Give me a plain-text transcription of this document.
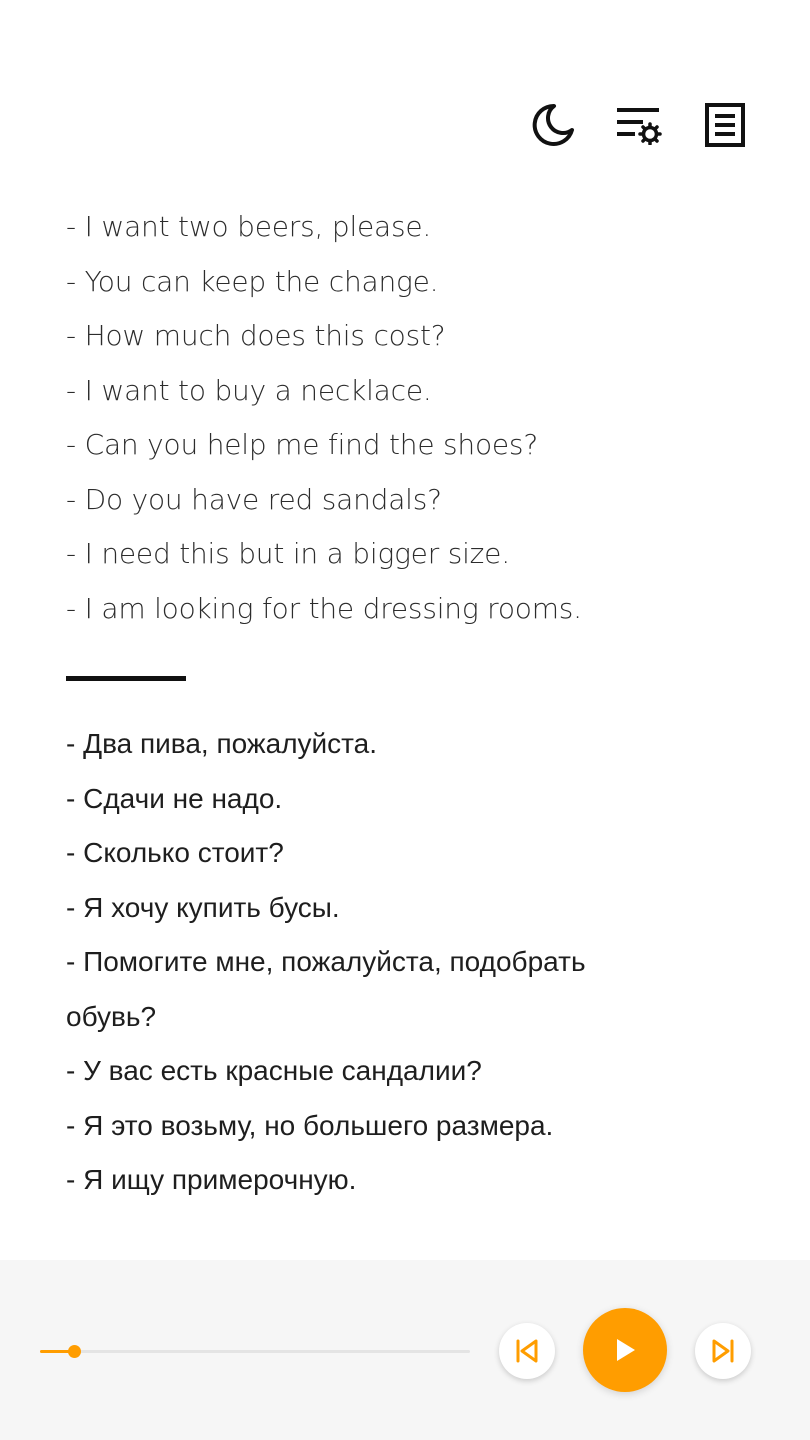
- I want two beers, please.
- You can keep the change.
- How much does this cost?
- I want to buy a necklace.
- Can you help me find the shoes?
- Do you have red sandals?
- I need this but in a bigger size.
- I am looking for the dressing rooms.
- Два пива, пожалуйста.
- Сдачи не надо.
- Сколько стоит?
- Я хочу купить бусы.
- Помогите мне, пожалуйста, подобрать обувь?
- У вас есть красные сандалии?
- Я это возьму, но большего размера.
- Я ищу примерочную.
